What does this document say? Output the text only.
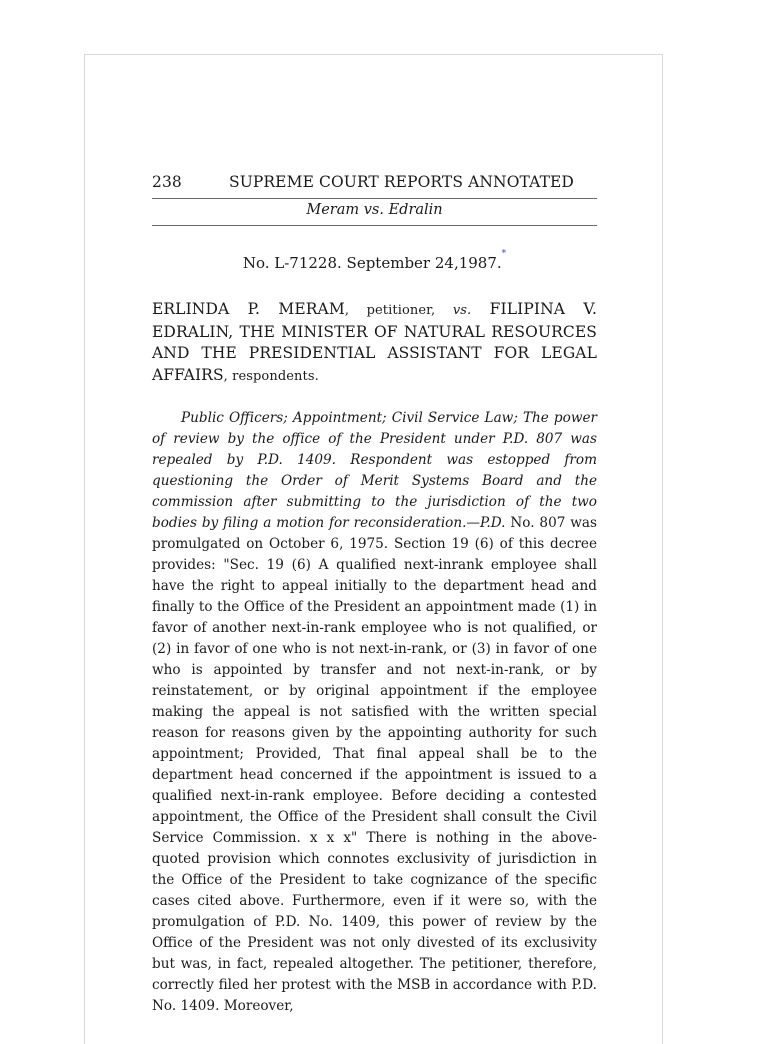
238	SUPREME COURT REPORTS ANNOTATED
Meram vs. Edralin
No. L-71228. September 24,1987.*
ERLINDA P. MERAM, petitioner, vs. FILIPINA V. EDRALIN, THE MINISTER OF NATURAL RESOURCES AND THE PRESIDENTIAL ASSISTANT FOR LEGAL AFFAIRS, respondents.
Public Officers; Appointment; Civil Service Law; The power of review by the office of the President under P.D. 807 was repealed by P.D. 1409. Respondent was estopped from questioning the Order of Merit Systems Board and the commission after submitting to the jurisdiction of the two bodies by filing a motion for reconsideration.—P.D. No. 807 was promulgated on October 6, 1975. Section 19 (6) of this decree provides: "Sec. 19 (6) A qualified next-inrank employee shall have the right to appeal initially to the department head and finally to the Office of the President an appointment made (1) in favor of another next-in-rank employee who is not qualified, or (2) in favor of one who is not next-in-rank, or (3) in favor of one who is appointed by transfer and not next-in-rank, or by reinstatement, or by original appointment if the employee making the appeal is not satisfied with the written special reason for reasons given by the appointing authority for such appointment; Provided, That final appeal shall be to the department head concerned if the appointment is issued to a qualified next-in-rank employee. Before deciding a contested appointment, the Office of the President shall consult the Civil Service Commission. x x x" There is nothing in the above-quoted provision which connotes exclusivity of jurisdiction in the Office of the President to take cognizance of the specific cases cited above. Furthermore, even if it were so, with the promulgation of P.D. No. 1409, this power of review by the Office of the President was not only divested of its exclusivity but was, in fact, repealed altogether. The petitioner, therefore, correctly filed her protest with the MSB in accordance with P.D. No. 1409. Moreover,
